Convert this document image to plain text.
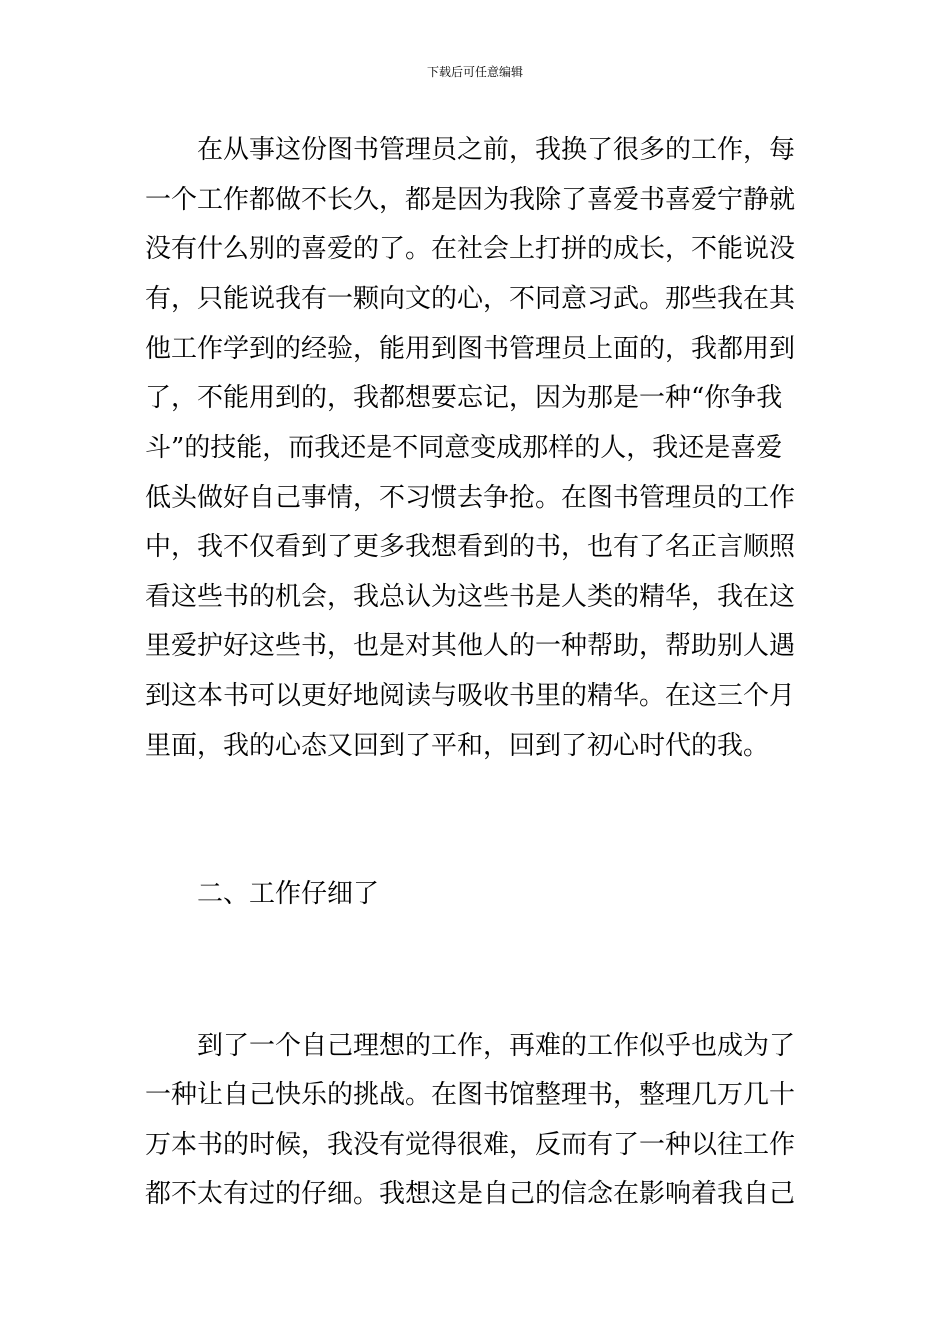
下载后可任意编辑
　　在从事这份图书管理员之前，我换了很多的工作，每
一个工作都做不长久，都是因为我除了喜爱书喜爱宁静就
没有什么别的喜爱的了。在社会上打拼的成长，不能说没
有，只能说我有一颗向文的心，不同意习武。那些我在其
他工作学到的经验，能用到图书管理员上面的，我都用到
了，不能用到的，我都想要忘记，因为那是一种“你争我
斗”的技能，而我还是不同意变成那样的人，我还是喜爱
低头做好自己事情，不习惯去争抢。在图书管理员的工作
中，我不仅看到了更多我想看到的书，也有了名正言顺照
看这些书的机会，我总认为这些书是人类的精华，我在这
里爱护好这些书，也是对其他人的一种帮助，帮助别人遇
到这本书可以更好地阅读与吸收书里的精华。在这三个月
里面，我的心态又回到了平和，回到了初心时代的我。
　　二、工作仔细了
　　到了一个自己理想的工作，再难的工作似乎也成为了
一种让自己快乐的挑战。在图书馆整理书，整理几万几十
万本书的时候，我没有觉得很难，反而有了一种以往工作
都不太有过的仔细。我想这是自己的信念在影响着我自己
